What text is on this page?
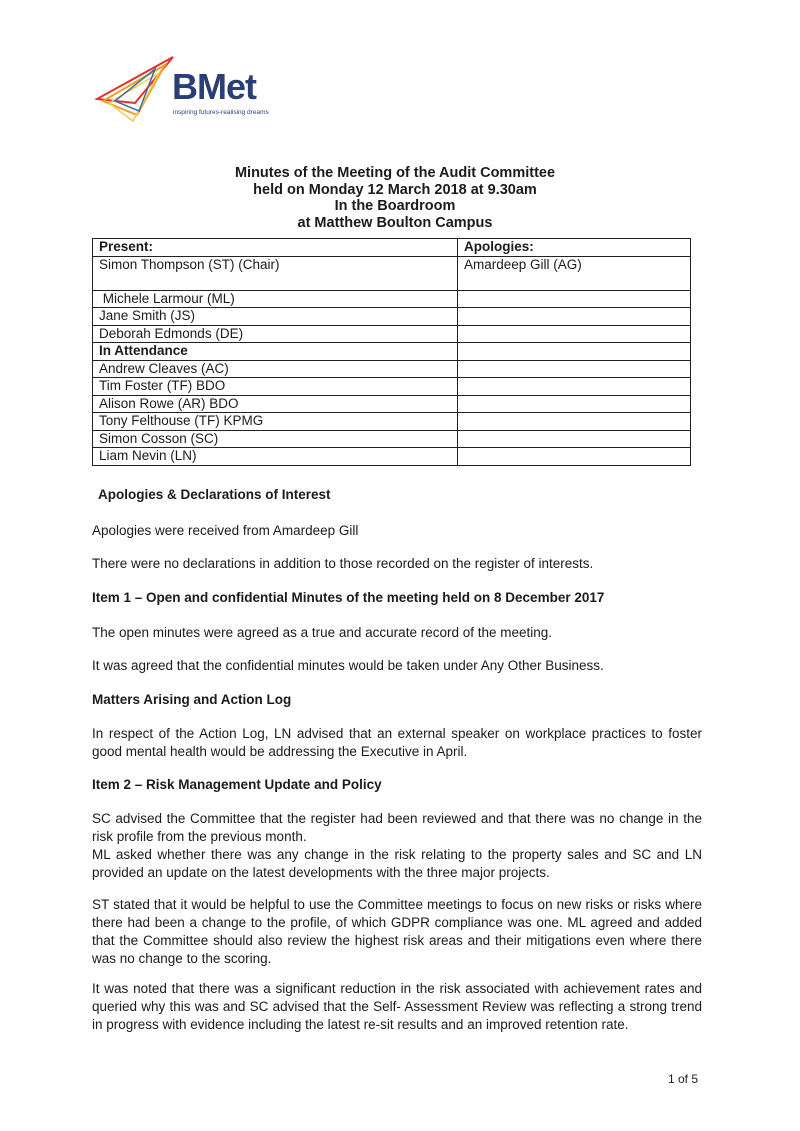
BMet
inspiring futures-realising dreams
Minutes of the Meeting of the Audit Committee
held on Monday 12 March 2018 at 9.30am
In the Boardroom
at Matthew Boulton Campus
Present:	Apologies:
Simon Thompson (ST) (Chair)	Amardeep Gill (AG)
Michele Larmour (ML)	
Jane Smith (JS)	
Deborah Edmonds (DE)	
In Attendance	
Andrew Cleaves (AC)	
Tim Foster (TF) BDO	
Alison Rowe (AR) BDO	
Tony Felthouse (TF) KPMG	
Simon Cosson (SC)	
Liam Nevin (LN)	
Apologies & Declarations of Interest
Apologies were received from Amardeep Gill
There were no declarations in addition to those recorded on the register of interests.
Item 1 – Open and confidential Minutes of the meeting held on 8 December 2017
The open minutes were agreed as a true and accurate record of the meeting.
It was agreed that the confidential minutes would be taken under Any Other Business.
Matters Arising and Action Log
In respect of the Action Log, LN advised that an external speaker on workplace practices to foster good mental health would be addressing the Executive in April.
Item 2 – Risk Management Update and Policy
SC advised the Committee that the register had been reviewed and that there was no change in the risk profile from the previous month.
ML asked whether there was any change in the risk relating to the property sales and SC and LN provided an update on the latest developments with the three major projects.
ST stated that it would be helpful to use the Committee meetings to focus on new risks or risks where there had been a change to the profile, of which GDPR compliance was one. ML agreed and added that the Committee should also review the highest risk areas and their mitigations even where there was no change to the scoring.
It was noted that there was a significant reduction in the risk associated with achievement rates and queried why this was and SC advised that the Self- Assessment Review was reflecting a strong trend in progress with evidence including the latest re-sit results and an improved retention rate.
1 of 5
